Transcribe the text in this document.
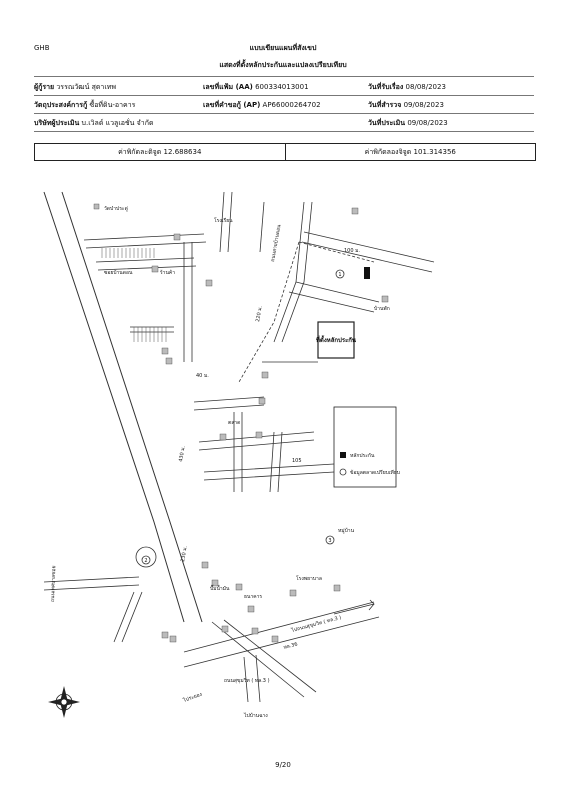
GHB	แบบเขียนแผนที่สังเขป
แสดงที่ตั้งหลักประกันและแปลงเปรียบเทียบ
ผู้กู้ราย วรรณวัฒน์ สุดาเทพ	เลขที่แฟ้ม (AA) 600334013001	วันที่รับเรื่อง 08/08/2023
วัตถุประสงค์การกู้ ซื้อที่ดิน-อาคาร	เลขที่คำขอกู้ (AP) AP66000264702	วันที่สำรวจ 09/08/2023
บริษัทผู้ประเมิน บ.เวิลด์ แวลูเอชั่น จำกัด	วันที่ประเมิน 09/08/2023
ค่าพิกัดละติจูด 12.688634	ค่าพิกัดลองจิจูด 101.314356
ที่ตั้งหลักประกัน
1
หลักประกัน
ข้อมูลตลาดเปรียบเทียบ
2
3
ถนนสุขุมวิท ( ทล.3 )
ไปถนนสุขุมวิท ( ทล.3 )
ทล.36
ไปบ้านฉาง
ไประยอง
ถนนเทศบาลซอย
ถนนสายบ้านดอน
ซอยบ้านดอน
220 ม.
40 ม.
100 ม.
230 ม.
430 ม.	105
วัดป่าประดู่
โรงเรียน
ร้านค้า
ตลาด
ปั๊มน้ำมัน
ธนาคาร
โรงพยาบาล
หมู่บ้าน
บ้านพัก
9/20
